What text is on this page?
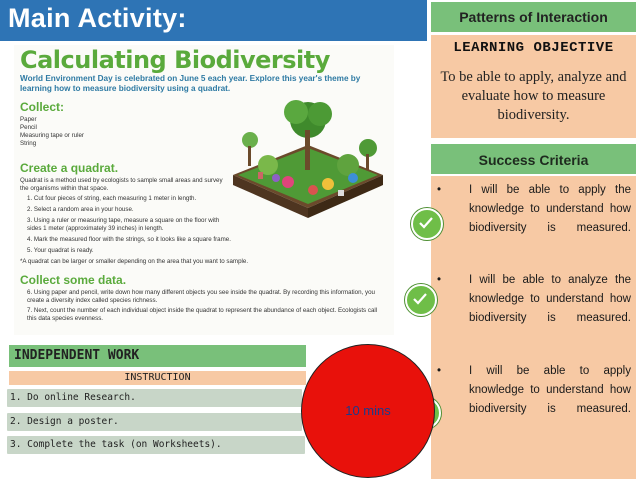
Main Activity:	Patterns of Interaction
LEARNING OBJECTIVE
To be able to apply, analyze and evaluate how to measure biodiversity.
Success Criteria
• I will be able to apply the knowledge to understand how biodiversity is measured.
• I will be able to analyze the knowledge to understand how biodiversity is measured.
• I will be able to apply knowledge to understand how biodiversity is measured.
Calculating Biodiversity
World Environment Day is celebrated on June 5 each year. Explore this year's theme by learning how to measure biodiversity using a quadrat.
Collect:
Paper
Pencil
Measuring tape or ruler
String
Create a quadrat.
Quadrat is a method used by ecologists to sample small areas and survey the organisms within that space.
1. Cut four pieces of string, each measuring 1 meter in length.
2. Select a random area in your house.
3. Using a ruler or measuring tape, measure a square on the floor with sides 1 meter (approximately 39 inches) in length.
4. Mark the measured floor with the strings, so it looks like a square frame.
5. Your quadrat is ready.
*A quadrat can be larger or smaller depending on the area that you want to sample.
Collect some data.
6. Using paper and pencil, write down how many different objects you see inside the quadrat. By recording this information, you create a diversity index called species richness.
7. Next, count the number of each individual object inside the quadrat to represent the abundance of each object. Ecologists call this data species evenness.
INDEPENDENT WORK
INSTRUCTION
1. Do online Research.
2. Design a poster.
3. Complete the task (on Worksheets).
10 mins
